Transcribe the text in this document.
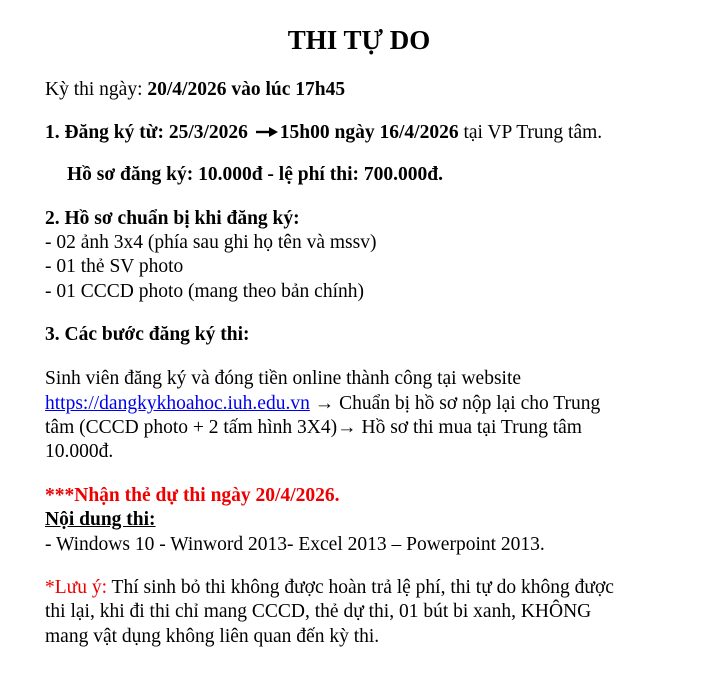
THI TỰ DO
Kỳ thi ngày: 20/4/2026 vào lúc 17h45
1. Đăng ký từ: 25/3/2026 15h00 ngày 16/4/2026 tại VP Trung tâm.
Hồ sơ đăng ký: 10.000đ - lệ phí thi: 700.000đ.
2. Hồ sơ chuẩn bị khi đăng ký:
- 02 ảnh 3x4 (phía sau ghi họ tên và mssv)
- 01 thẻ SV photo
- 01 CCCD photo (mang theo bản chính)
3. Các bước đăng ký thi:
Sinh viên đăng ký và đóng tiền online thành công tại website
https://dangkykhoahoc.iuh.edu.vn → Chuẩn bị hồ sơ nộp lại cho Trung
tâm (CCCD photo + 2 tấm hình 3X4)→ Hồ sơ thi mua tại Trung tâm
10.000đ.
***Nhận thẻ dự thi ngày 20/4/2026.
Nội dung thi:
- Windows 10 - Winword 2013- Excel 2013 – Powerpoint 2013.
*Lưu ý: Thí sinh bỏ thi không được hoàn trả lệ phí, thi tự do không được
thi lại, khi đi thi chỉ mang CCCD, thẻ dự thi, 01 bút bi xanh, KHÔNG
mang vật dụng không liên quan đến kỳ thi.
